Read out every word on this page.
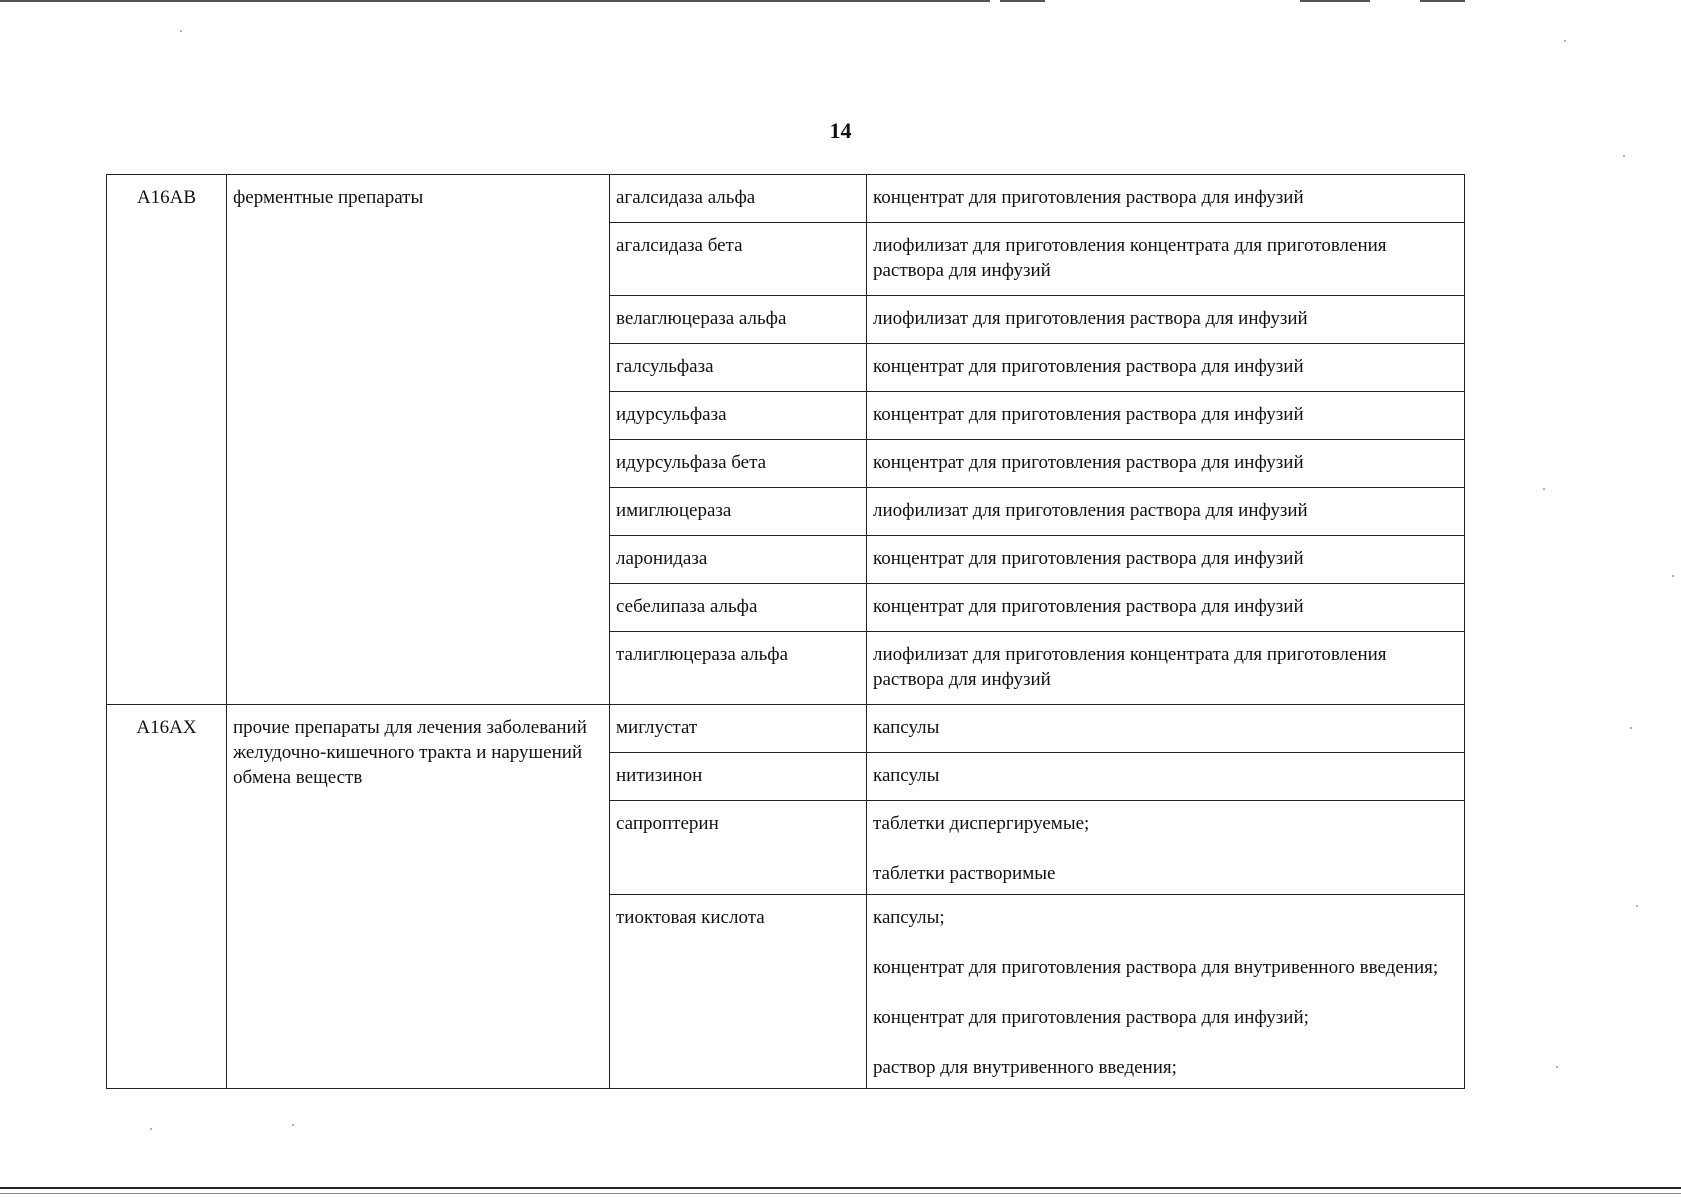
14
A16AB	ферментные препараты	агалсидаза альфа	концентрат для приготовления раствора для инфузий

		агалсидаза бета	лиофилизат для приготовления концентрата для приготовления раствора для инфузий

		велаглюцераза альфа	лиофилизат для приготовления раствора для инфузий

		галсульфаза	концентрат для приготовления раствора для инфузий

		идурсульфаза	концентрат для приготовления раствора для инфузий

		идурсульфаза бета	концентрат для приготовления раствора для инфузий

		имиглюцераза	лиофилизат для приготовления раствора для инфузий

		ларонидаза	концентрат для приготовления раствора для инфузий

		себелипаза альфа	концентрат для приготовления раствора для инфузий

		талиглюцераза альфа	лиофилизат для приготовления концентрата для приготовления раствора для инфузий

A16AX	прочие препараты для лечения заболеваний желудочно-кишечного тракта и нарушений обмена веществ	миглустат	капсулы

		нитизинон	капсулы

		сапроптерин	таблетки диспергируемые;
таблетки растворимые

		тиоктовая кислота	капсулы;
концентрат для приготовления раствора для внутривенного введения;
концентрат для приготовления раствора для инфузий;
раствор для внутривенного введения;
